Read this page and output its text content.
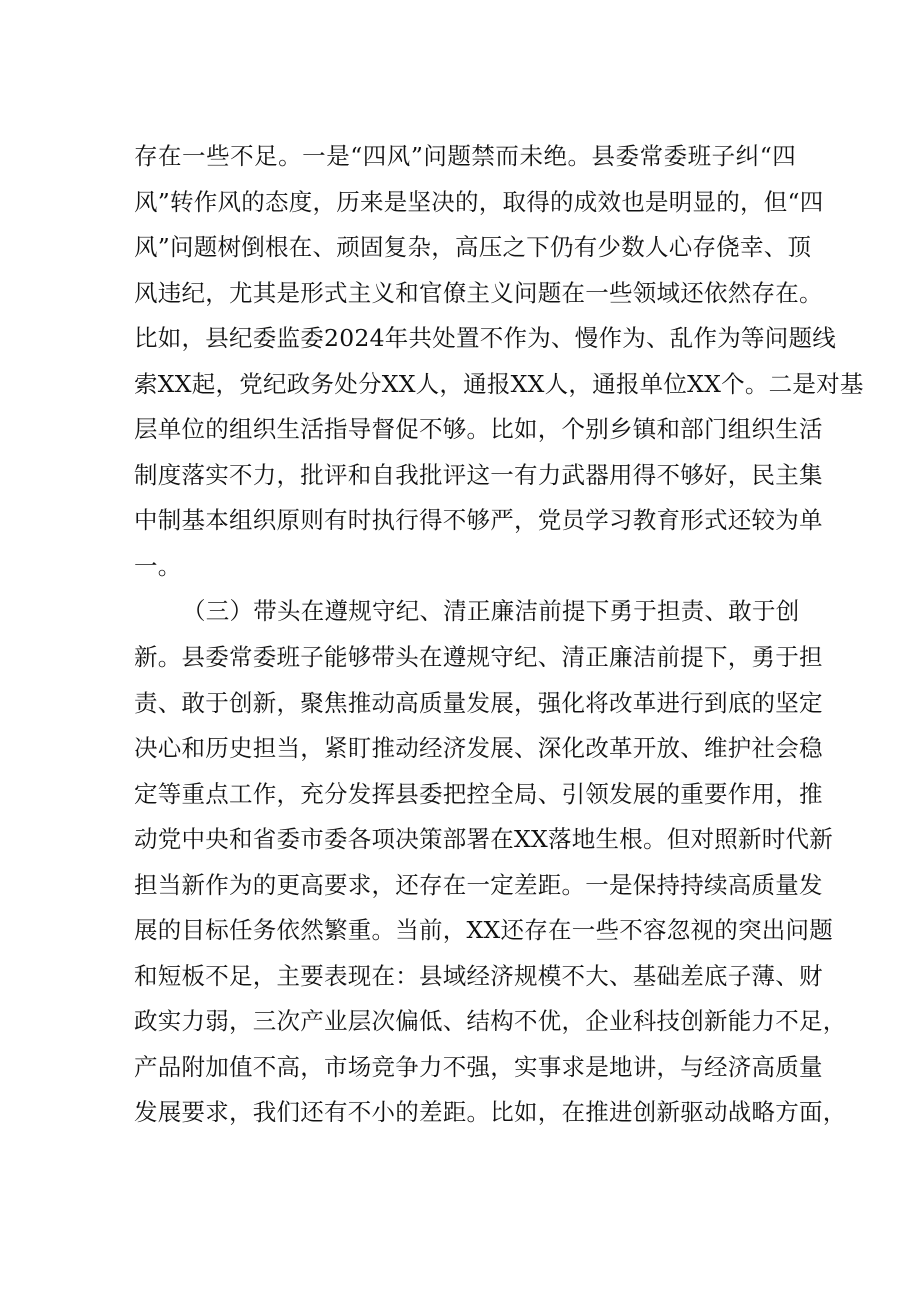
存在一些不足。一是“四风”问题禁而未绝。县委常委班子纠“四
风”转作风的态度，历来是坚决的，取得的成效也是明显的，但“四
风”问题树倒根在、顽固复杂，高压之下仍有少数人心存侥幸、顶
风违纪，尤其是形式主义和官僚主义问题在一些领域还依然存在。
比如，县纪委监委2024年共处置不作为、慢作为、乱作为等问题线
索XX起，党纪政务处分XX人，通报XX人，通报单位XX个。二是对基
层单位的组织生活指导督促不够。比如，个别乡镇和部门组织生活
制度落实不力，批评和自我批评这一有力武器用得不够好，民主集
中制基本组织原则有时执行得不够严，党员学习教育形式还较为单
一。
（三）带头在遵规守纪、清正廉洁前提下勇于担责、敢于创
新。县委常委班子能够带头在遵规守纪、清正廉洁前提下，勇于担
责、敢于创新，聚焦推动高质量发展，强化将改革进行到底的坚定
决心和历史担当，紧盯推动经济发展、深化改革开放、维护社会稳
定等重点工作，充分发挥县委把控全局、引领发展的重要作用，推
动党中央和省委市委各项决策部署在XX落地生根。但对照新时代新
担当新作为的更高要求，还存在一定差距。一是保持持续高质量发
展的目标任务依然繁重。当前，XX还存在一些不容忽视的突出问题
和短板不足，主要表现在：县域经济规模不大、基础差底子薄、财
政实力弱，三次产业层次偏低、结构不优，企业科技创新能力不足，
产品附加值不高，市场竞争力不强，实事求是地讲，与经济高质量
发展要求，我们还有不小的差距。比如，在推进创新驱动战略方面，
